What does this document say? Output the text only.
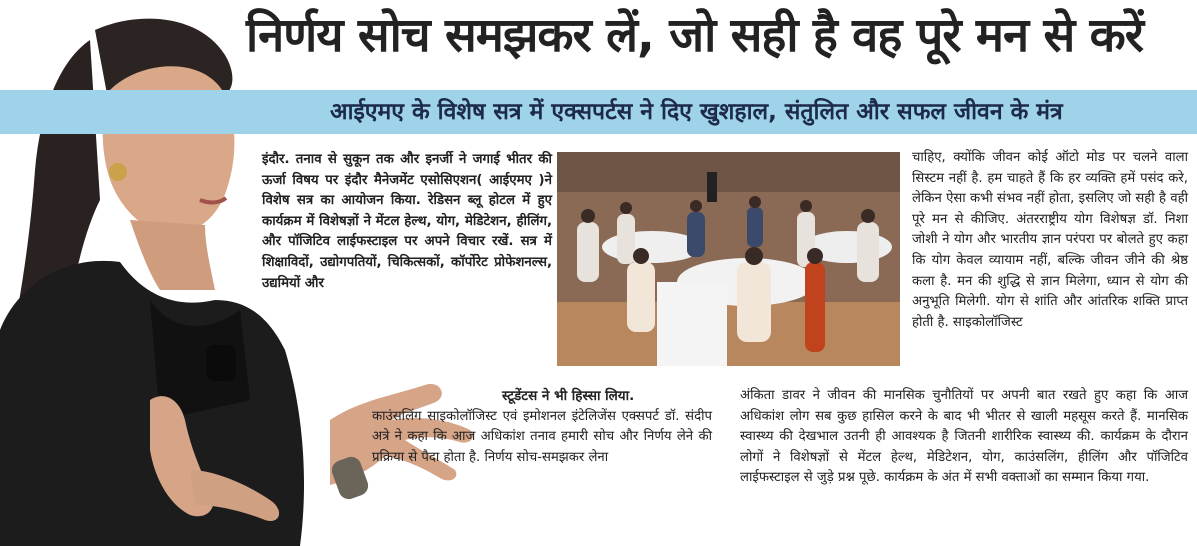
निर्णय सोच समझकर लें, जो सही है वह पूरे मन से करें
आईएमए के विशेष सत्र में एक्सपर्टस ने दिए खुशहाल, संतुलित और सफल जीवन के मंत्र
इंदौर. तनाव से सुकून तक और इनर्जी ने जगाई भीतर की ऊर्जा विषय पर इंदौर मैनेजमेंट एसोसिएशन( आईएमए )ने विशेष सत्र का आयोजन किया. रेडिसन ब्लू होटल में हुए कार्यक्रम में विशेषज्ञों ने मेंटल हेल्थ, योग, मेडिटेशन, हीलिंग, और पॉजिटिव लाईफस्टाइल पर अपने विचार रखें. सत्र में शिक्षाविदों, उद्योगपतियों, चिकित्सकों, कॉर्पोरेट प्रोफेशनल्स, उद्यमियों और
चाहिए, क्योंकि जीवन कोई ऑटो मोड पर चलने वाला सिस्टम नहीं है. हम चाहते हैं कि हर व्यक्ति हमें पसंद करे, लेकिन ऐसा कभी संभव नहीं होता, इसलिए जो सही है वही पूरे मन से कीजिए. अंतरराष्ट्रीय योग विशेषज्ञ डॉ. निशा जोशी ने योग और भारतीय ज्ञान परंपरा पर बोलते हुए कहा कि योग केवल व्यायाम नहीं, बल्कि जीवन जीने की श्रेष्ठ कला है. मन की शुद्धि से ज्ञान मिलेगा, ध्यान से योग की अनुभूति मिलेगी. योग से शांति और आंतरिक शक्ति प्राप्त होती है. साइकोलॉजिस्ट
स्टूडेंटस ने भी हिस्सा लिया.
काउंसलिंग साइकोलॉजिस्ट एवं इमोशनल इंटेलिजेंस एक्सपर्ट डॉ. संदीप अत्रे ने कहा कि आज अधिकांश तनाव हमारी सोच और निर्णय लेने की प्रक्रिया से पैदा होता है. निर्णय सोच-समझकर लेना
अंकिता डावर ने जीवन की मानसिक चुनौतियों पर अपनी बात रखते हुए कहा कि आज अधिकांश लोग सब कुछ हासिल करने के बाद भी भीतर से खाली महसूस करते हैं. मानसिक स्वास्थ्य की देखभाल उतनी ही आवश्यक है जितनी शारीरिक स्वास्थ्य की. कार्यक्रम के दौरान लोगों ने विशेषज्ञों से मेंटल हेल्थ, मेडिटेशन, योग, काउंसलिंग, हीलिंग और पॉजिटिव लाईफस्टाइल से जुड़े प्रश्न पूछे. कार्यक्रम के अंत में सभी वक्ताओं का सम्मान किया गया.
